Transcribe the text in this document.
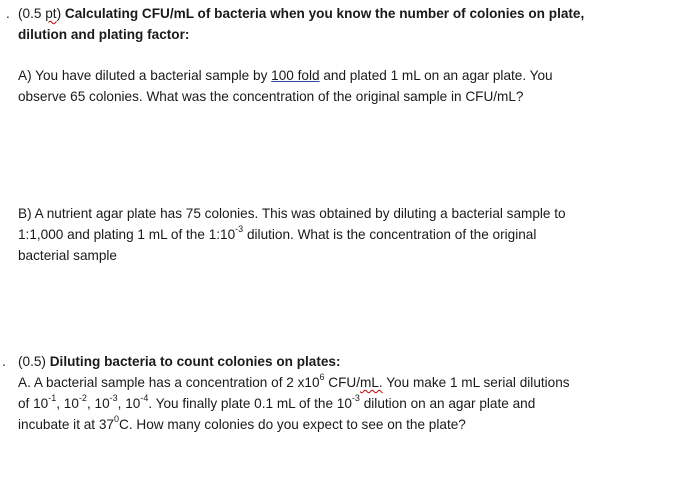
. (0.5 pt) Calculating CFU/mL of bacteria when you know the number of colonies on plate,
dilution and plating factor:
A) You have diluted a bacterial sample by 100 fold and plated 1 mL on an agar plate. You
observe 65 colonies. What was the concentration of the original sample in CFU/mL?
B) A nutrient agar plate has 75 colonies. This was obtained by diluting a bacterial sample to
1:1,000 and plating 1 mL of the $1:10^{-3}$ dilution. What is the concentration of the original
bacterial sample
. (0.5) Diluting bacteria to count colonies on plates:
A. A bacterial sample has a concentration of 2 $x10^6$ CFU/mL. You make 1 mL serial dilutions
of $10^{-1}$, $10^{-2}$, $10^{-3}$, $10^{-4}$. You finally plate 0.1 mL of the $10^{-3}$ dilution on an agar plate and
incubate it at $37^0C$. How many colonies do you expect to see on the plate?
